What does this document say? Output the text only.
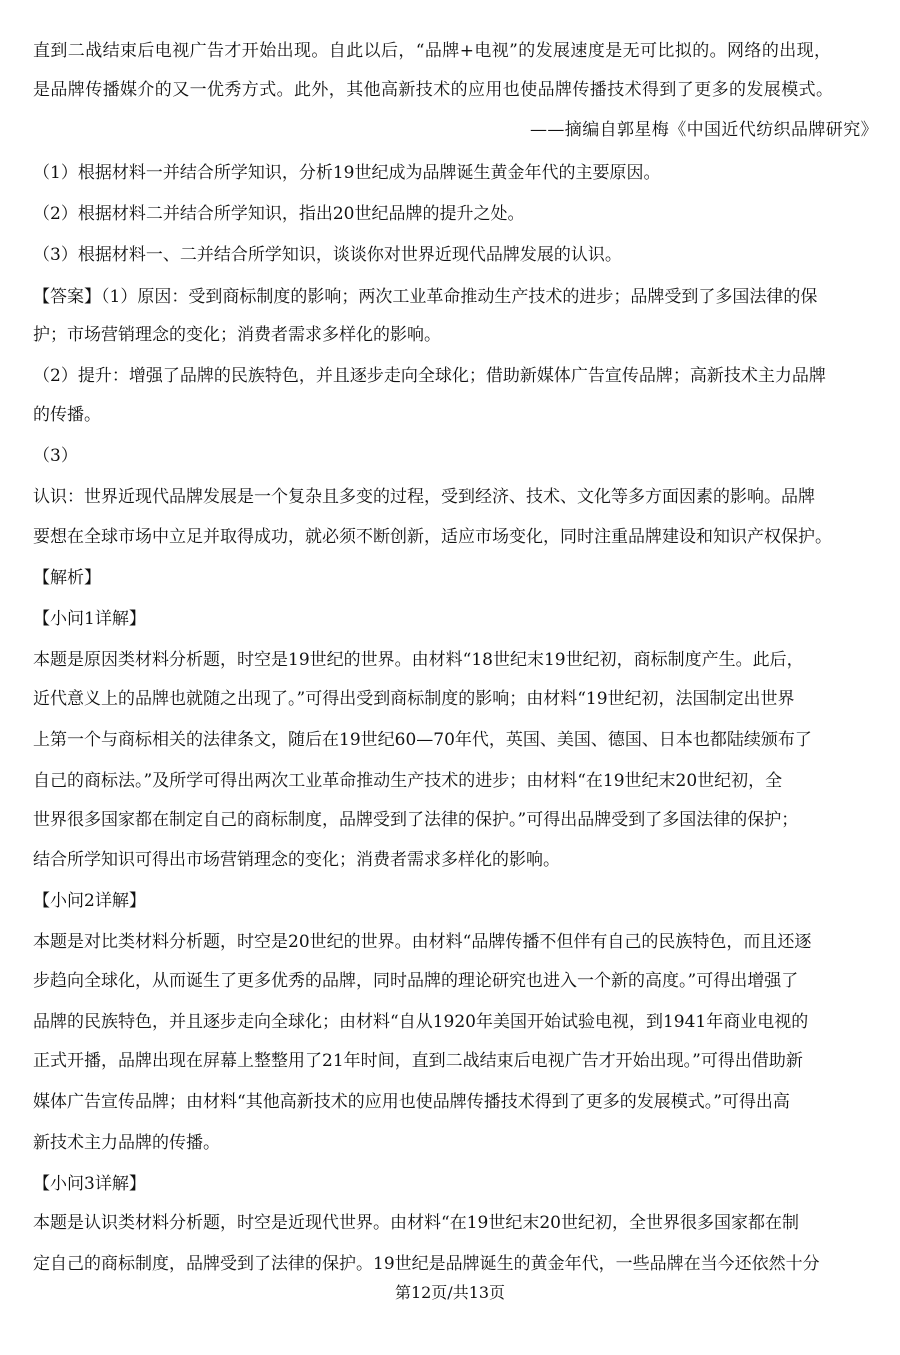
直到二战结束后电视广告才开始出现。自此以后，“品牌+电视”的发展速度是无可比拟的。网络的出现，
是品牌传播媒介的又一优秀方式。此外，其他高新技术的应用也使品牌传播技术得到了更多的发展模式。
——摘编自郭星梅《中国近代纺织品牌研究》
（1）根据材料一并结合所学知识，分析19世纪成为品牌诞生黄金年代的主要原因。
（2）根据材料二并结合所学知识，指出20世纪品牌的提升之处。
（3）根据材料一、二并结合所学知识，谈谈你对世界近现代品牌发展的认识。
【答案】（1）原因：受到商标制度的影响；两次工业革命推动生产技术的进步；品牌受到了多国法律的保
护；市场营销理念的变化；消费者需求多样化的影响。
（2）提升：增强了品牌的民族特色，并且逐步走向全球化；借助新媒体广告宣传品牌；高新技术主力品牌
的传播。
（3）
认识：世界近现代品牌发展是一个复杂且多变的过程，受到经济、技术、文化等多方面因素的影响。品牌
要想在全球市场中立足并取得成功，就必须不断创新，适应市场变化，同时注重品牌建设和知识产权保护。
【解析】
【小问1详解】
本题是原因类材料分析题，时空是19世纪的世界。由材料“18世纪末19世纪初，商标制度产生。此后，
近代意义上的品牌也就随之出现了。”可得出受到商标制度的影响；由材料“19世纪初，法国制定出世界
上第一个与商标相关的法律条文，随后在19世纪60—70年代，英国、美国、德国、日本也都陆续颁布了
自己的商标法。”及所学可得出两次工业革命推动生产技术的进步；由材料“在19世纪末20世纪初，全
世界很多国家都在制定自己的商标制度，品牌受到了法律的保护。”可得出品牌受到了多国法律的保护；
结合所学知识可得出市场营销理念的变化；消费者需求多样化的影响。
【小问2详解】
本题是对比类材料分析题，时空是20世纪的世界。由材料“品牌传播不但伴有自己的民族特色，而且还逐
步趋向全球化，从而诞生了更多优秀的品牌，同时品牌的理论研究也进入一个新的高度。”可得出增强了
品牌的民族特色，并且逐步走向全球化；由材料“自从1920年美国开始试验电视，到1941年商业电视的
正式开播，品牌出现在屏幕上整整用了21年时间，直到二战结束后电视广告才开始出现。”可得出借助新
媒体广告宣传品牌；由材料“其他高新技术的应用也使品牌传播技术得到了更多的发展模式。”可得出高
新技术主力品牌的传播。
【小问3详解】
本题是认识类材料分析题，时空是近现代世界。由材料“在19世纪末20世纪初，全世界很多国家都在制
定自己的商标制度，品牌受到了法律的保护。19世纪是品牌诞生的黄金年代，一些品牌在当今还依然十分
第12页/共13页
